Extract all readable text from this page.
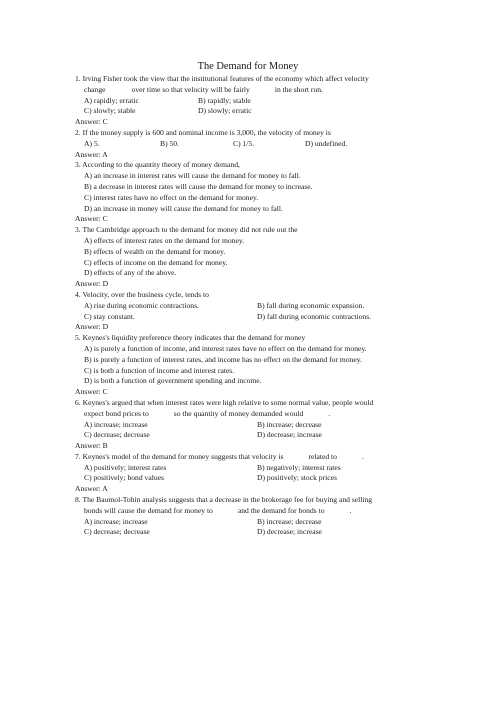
The Demand for Money
1. Irving Fisher took the view that the institutional features of the economy which affect velocity
change	over time so that velocity will be fairly	in the short run.
A) rapidly; erratic	B) rapidly; stable
C) slowly; stable	D) slowly; erratic
Answer: C
2. If the money supply is 600 and nominal income is 3,000, the velocity of money is
A) 5.	B) 50.	C) 1/5.	D) undefined.
Answer: A
3. According to the quantity theory of money demand,
A) an increase in interest rates will cause the demand for money to fall.
B) a decrease in interest rates will cause the demand for money to increase.
C) interest rates have no effect on the demand for money.
D) an increase in money will cause the demand for money to fall.
Answer: C
3. The Cambridge approach to the demand for money did not rule out the
A) effects of interest rates on the demand for money.
B) effects of wealth on the demand for money.
C) effects of income on the demand for money.
D) effects of any of the above.
Answer: D
4. Velocity, over the business cycle, tends to
A) rise during economic contractions.	B) fall during economic expansion.
C) stay constant.	D) fall during economic contractions.
Answer: D
5. Keynes's liquidity preference theory indicates that the demand for money
A) is purely a function of income, and interest rates have no effect on the demand for money.
B) is purely a function of interest rates, and income has no effect on the demand for money.
C) is both a function of income and interest rates.
D) is both a function of government spending and income.
Answer: C
6. Keynes's argued that when interest rates were high relative to some normal value, people would
expect bond prices to	so the quantity of money demanded would	.
A) increase; increase	B) increase; decrease
C) decrease; decrease	D) decrease; increase
Answer: B
7. Keynes's model of the demand for money suggests that velocity is	related to	.
A) positively; interest rates	B) negatively; interest rates
C) positively; bond values	D) positively; stock prices
Answer: A
8. The Baumol-Tobin analysis suggests that a decrease in the brokerage fee for buying and selling
bonds will cause the demand for money to	and the demand for bonds to	.
A) increase; increase	B) increase; decrease
C) decrease; decrease	D) decrease; increase
